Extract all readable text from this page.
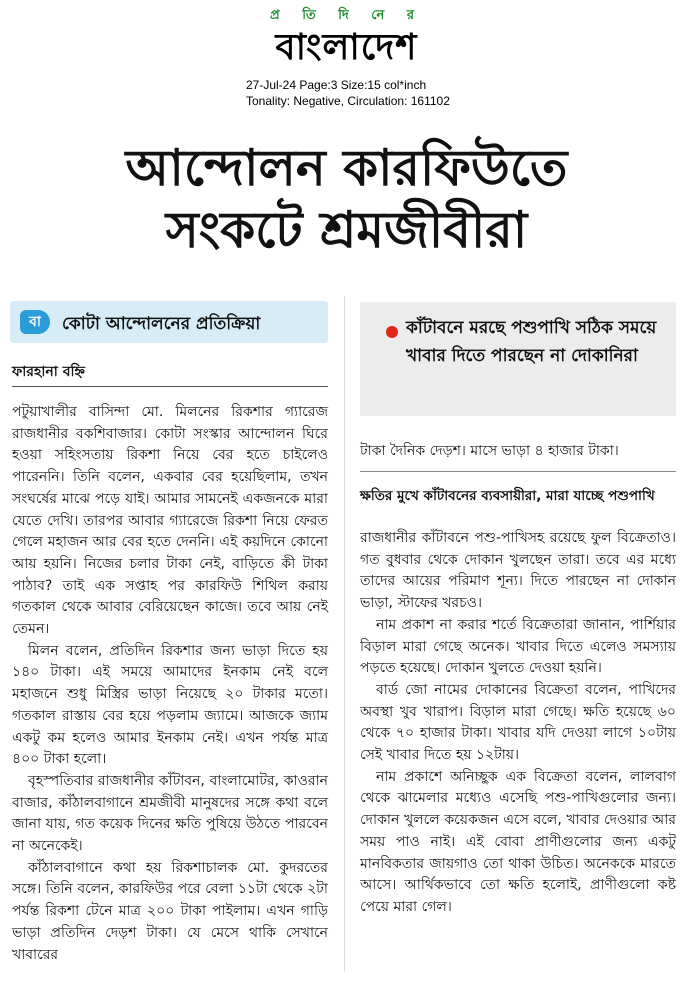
প্র তি দি নে র
বাংলাদেশ
27-Jul-24 Page:3 Size:15 col*inch
Tonality: Negative, Circulation: 161102
আন্দোলন কারফিউতে
সংকটে শ্রমজীবীরা
বা	কোটা আন্দোলনের প্রতিক্রিয়া
ফারহানা বহ্নি

পটুয়াখালীর বাসিন্দা মো. মিলনের রিকশার গ্যারেজ রাজধানীর বকশিবাজার। কোটা সংস্কার আন্দোলন ঘিরে হওয়া সহিংসতায় রিকশা নিয়ে বের হতে চাইলেও পারেননি। তিনি বলেন, একবার বের হয়েছিলাম, তখন সংঘর্ষের মাঝে পড়ে যাই। আমার সামনেই একজনকে মারা যেতে দেখি। তারপর আবার গ্যারেজে রিকশা নিয়ে ফেরত গেলে মহাজন আর বের হতে দেননি। এই কয়দিনে কোনো আয় হয়নি। নিজের চলার টাকা নেই, বাড়িতে কী টাকা পাঠাব? তাই এক সপ্তাহ পর কারফিউ শিথিল করায় গতকাল থেকে আবার বেরিয়েছেন কাজে। তবে আয় নেই তেমন।

মিলন বলেন, প্রতিদিন রিকশার জন্য ভাড়া দিতে হয় ১৪০ টাকা। এই সময়ে আমাদের ইনকাম নেই বলে মহাজনে শুধু মিস্ত্রির ভাড়া নিয়েছে ২০ টাকার মতো। গতকাল রাস্তায় বের হয়ে পড়লাম জ্যামে। আজকে জ্যাম একটু কম হলেও আমার ইনকাম নেই। এখন পর্যন্ত মাত্র ৪০০ টাকা হলো।

বৃহস্পতিবার রাজধানীর কাঁটাবন, বাংলামোটর, কাওরান বাজার, কাঁঠালবাগানে শ্রমজীবী মানুষদের সঙ্গে কথা বলে জানা যায়, গত কয়েক দিনের ক্ষতি পুষিয়ে উঠতে পারবেন না অনেকেই।

কাঁঠালবাগানে কথা হয় রিকশাচালক মো. কুদরতের সঙ্গে। তিনি বলেন, কারফিউর পরে বেলা ১১টা থেকে ২টা পর্যন্ত রিকশা টেনে মাত্র ২০০ টাকা পাইলাম। এখন গাড়ি ভাড়া প্রতিদিন দেড়শ টাকা। যে মেসে থাকি সেখানে খাবারের

কাঁটাবনে মরছে পশুপাখি সঠিক সময়ে খাবার দিতে পারছেন না দোকানিরা

টাকা দৈনিক দেড়শ। মাসে ভাড়া ৪ হাজার টাকা।

ক্ষতির মুখে কাঁটাবনের ব্যবসায়ীরা, মারা যাচ্ছে পশুপাখি

রাজধানীর কাঁটাবনে পশু-পাখিসহ রয়েছে ফুল বিক্রেতাও। গত বুধবার থেকে দোকান খুলছেন তারা। তবে এর মধ্যে তাদের আয়ের পরিমাণ শূন্য। দিতে পারছেন না দোকান ভাড়া, স্টাফের খরচও।

নাম প্রকাশ না করার শর্তে বিক্রেতারা জানান, পার্শিয়ার বিড়াল মারা গেছে অনেক। খাবার দিতে এলেও সমস্যায় পড়তে হয়েছে। দোকান খুলতে দেওয়া হয়নি।

বার্ড জো নামের দোকানের বিক্রেতা বলেন, পাখিদের অবস্থা খুব খারাপ। বিড়াল মারা গেছে। ক্ষতি হয়েছে ৬০ থেকে ৭০ হাজার টাকা। খাবার যদি দেওয়া লাগে ১০টায় সেই খাবার দিতে হয় ১২টায়।

নাম প্রকাশে অনিচ্ছুক এক বিক্রেতা বলেন, লালবাগ থেকে ঝামেলার মধ্যেও এসেছি পশু-পাখিগুলোর জন্য। দোকান খুললে কয়েকজন এসে বলে, খাবার দেওয়ার আর সময় পাও নাই। এই বোবা প্রাণীগুলোর জন্য একটু মানবিকতার জায়গাও তো থাকা উচিত। অনেককে মারতে আসে। আর্থিকভাবে তো ক্ষতি হলোই, প্রাণীগুলো কষ্ট পেয়ে মারা গেল।
